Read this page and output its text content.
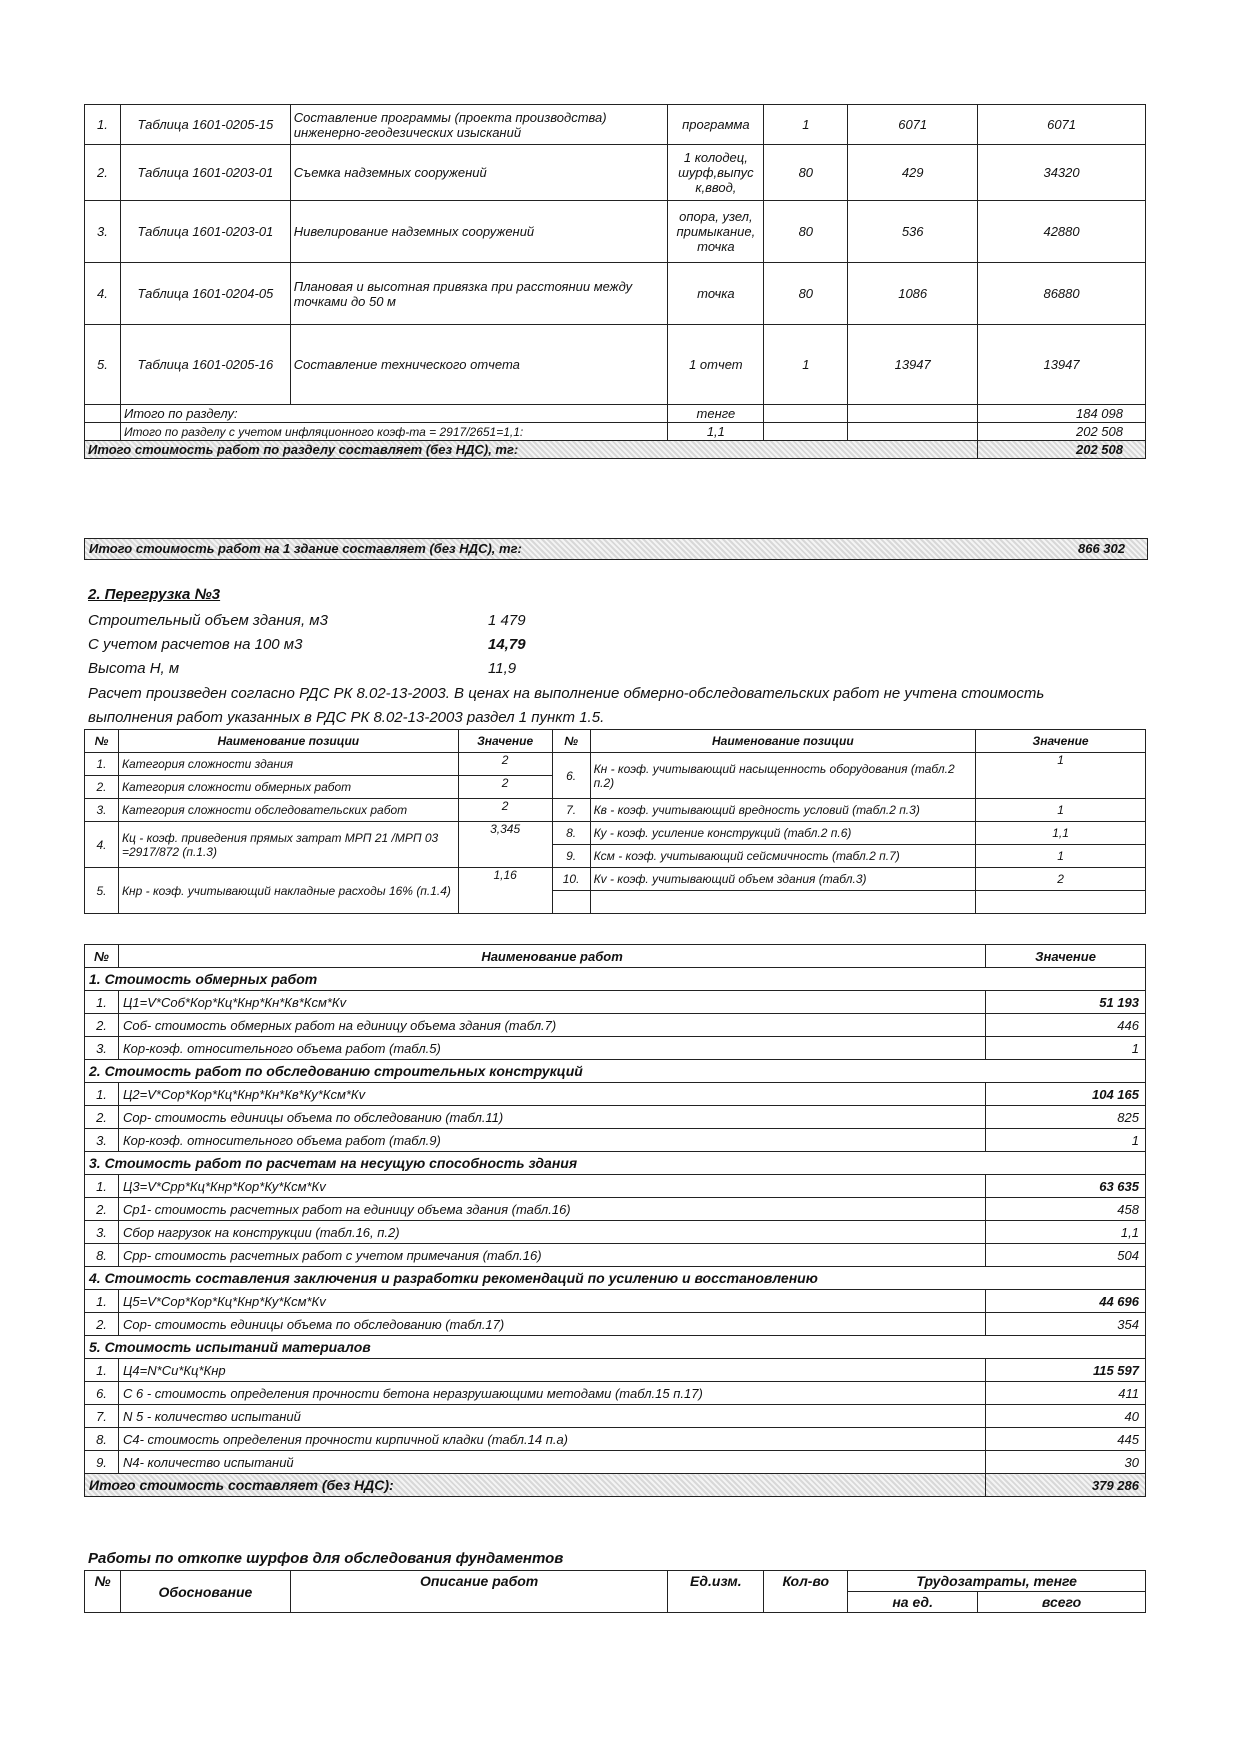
1.	Таблица 1601-0205-15	Составление программы (проекта производства) инженерно-геодезических изысканий	программа	1	6071	6071
2.	Таблица 1601-0203-01	Съемка надземных сооружений	1 колодец, шурф,выпус к,ввод,	80	429	34320
3.	Таблица 1601-0203-01	Нивелирование надземных сооружений	опора, узел, примыкание, точка	80	536	42880
4.	Таблица 1601-0204-05	Плановая и высотная привязка при расстоянии между точками до 50 м	точка	80	1086	86880
5.	Таблица 1601-0205-16	Составление технического отчета	1 отчет	1	13947	13947
	Итого по разделу:		тенге			184 098
	Итого по разделу с учетом инфляционного коэф-та = 2917/2651=1,1:		1,1			202 508
Итого стоимость работ по разделу составляет (без НДС), тг:						202 508
Итого стоимость работ на 1 здание составляет (без НДС), тг:	866 302
2. Перегрузка №3
Строительный объем здания, м3	1 479
С учетом расчетов на 100 м3	14,79
Высота Н, м	11,9
Расчет произведен согласно РДС РК 8.02-13-2003. В ценах на выполнение обмерно-обследовательских работ не учтена стоимость выполнения работ указанных в РДС РК 8.02-13-2003 раздел 1 пункт 1.5.
№	Наименование позиции	Значение	№	Наименование позиции	Значение
1.	Категория сложности здания	2	6.	Кн - коэф. учитывающий насыщенность оборудования (табл.2 п.2)	1
2.	Категория сложности обмерных работ	2			
3.	Категория сложности обследовательских работ	2	7.	Кв - коэф. учитывающий вредность условий (табл.2 п.3)	1
4.	Кц - коэф. приведения прямых затрат МРП 21 /МРП 03 =2917/872 (п.1.3)	3,345	8.	Ку - коэф. усиление конструкций (табл.2 п.6)	1,1
			9.	Ксм - коэф. учитывающий сейсмичность (табл.2 п.7)	1
5.	Кнр - коэф. учитывающий накладные расходы 16% (п.1.4)	1,16	10.	Кv - коэф. учитывающий объем здания (табл.3)	2

№	Наименование работ	Значение
1. Стоимость обмерных работ		
1.	Ц1=V*Соб*Кор*Кц*Кнр*Кн*Кв*Ксм*Кv	51 193
2.	Соб- стоимость обмерных работ на единицу объема здания (табл.7)	446
3.	Кор-коэф. относительного объема работ (табл.5)	1
2. Стоимость работ по обследованию строительных конструкций		
1.	Ц2=V*Сор*Кор*Кц*Кнр*Кн*Кв*Ку*Ксм*Кv	104 165
2.	Сор- стоимость единицы объема по обследованию (табл.11)	825
3.	Кор-коэф. относительного объема работ (табл.9)	1
3. Стоимость работ по расчетам на несущую способность здания		
1.	Ц3=V*Срр*Кц*Кнр*Кор*Ку*Ксм*Кv	63 635
2.	Ср1- стоимость расчетных работ на единицу объема здания (табл.16)	458
3.	Сбор нагрузок на конструкции (табл.16, п.2)	1,1
8.	Срр- стоимость расчетных работ с учетом примечания (табл.16)	504
4. Стоимость составления заключения и разработки рекомендаций по усилению и восстановлению		
1.	Ц5=V*Сор*Кор*Кц*Кнр*Ку*Ксм*Кv	44 696
2.	Сор- стоимость единицы объема по обследованию (табл.17)	354
5. Стоимость испытаний материалов		
1.	Ц4=N*Си*Кц*Кнр	115 597
6.	С 6 - стоимость определения прочности бетона неразрушающими методами (табл.15 п.17)	411
7.	N 5 - количество испытаний	40
8.	С4- стоимость определения прочности кирпичной кладки (табл.14 п.а)	445
9.	N4- количество испытаний	30
Итого стоимость составляет (без НДС):		379 286
Работы по откопке шурфов для обследования фундаментов
№	Обоснование	Описание работ	Ед.изм.	Кол-во	Трудозатраты, тенге	
					на ед.	всего
